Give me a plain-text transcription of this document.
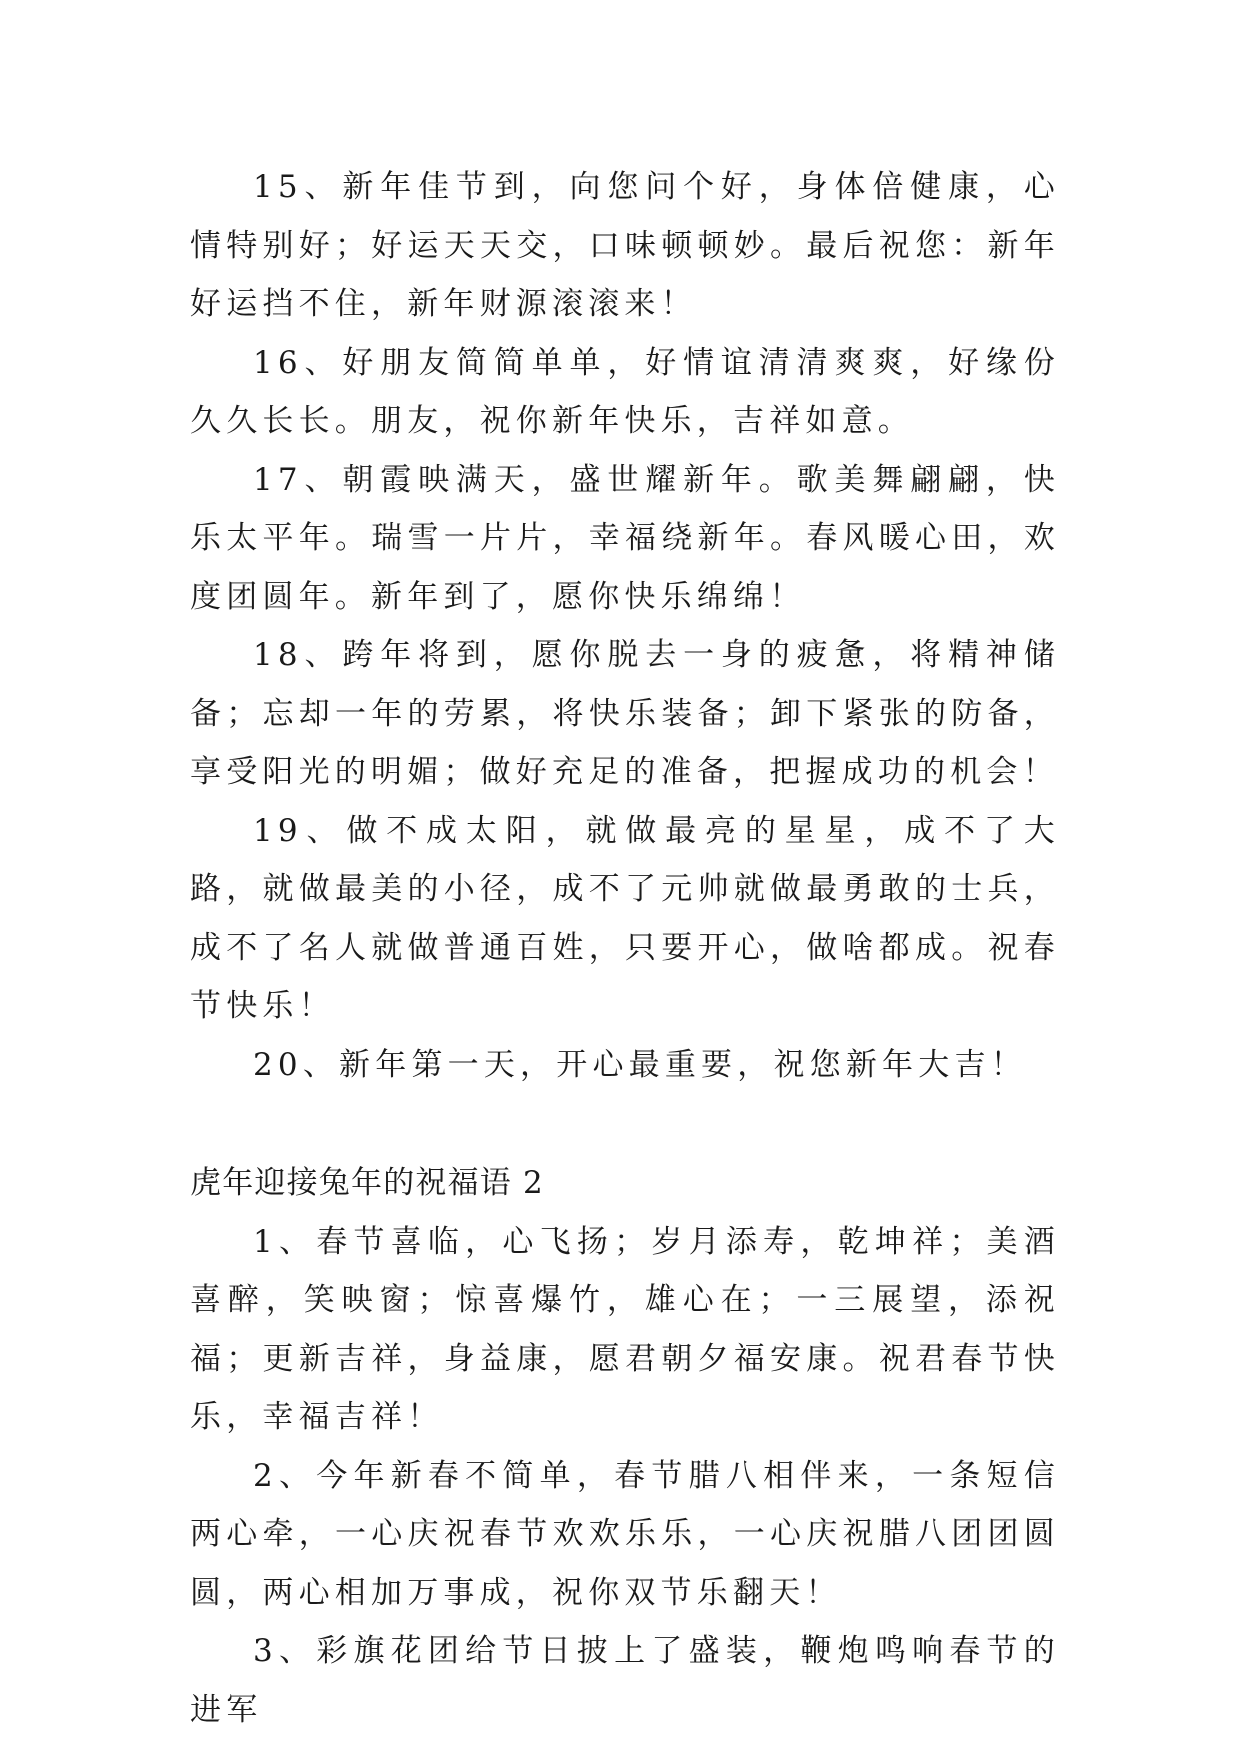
15、新年佳节到，向您问个好，身体倍健康，心情特别好；好运天天交，口味顿顿妙。最后祝您：新年好运挡不住，新年财源滚滚来！

16、好朋友简简单单，好情谊清清爽爽，好缘份久久长长。朋友，祝你新年快乐，吉祥如意。

17、朝霞映满天，盛世耀新年。歌美舞翩翩，快乐太平年。瑞雪一片片，幸福绕新年。春风暖心田，欢度团圆年。新年到了，愿你快乐绵绵！

18、跨年将到，愿你脱去一身的疲惫，将精神储备；忘却一年的劳累，将快乐装备；卸下紧张的防备，享受阳光的明媚；做好充足的准备，把握成功的机会！

19、做不成太阳，就做最亮的星星，成不了大路，就做最美的小径，成不了元帅就做最勇敢的士兵，成不了名人就做普通百姓，只要开心，做啥都成。祝春节快乐！

20、新年第一天，开心最重要，祝您新年大吉！

虎年迎接兔年的祝福语 2

1、春节喜临，心飞扬；岁月添寿，乾坤祥；美酒喜醉，笑映窗；惊喜爆竹，雄心在；一三展望，添祝福；更新吉祥，身益康，愿君朝夕福安康。祝君春节快乐，幸福吉祥！

2、今年新春不简单，春节腊八相伴来，一条短信两心牵，一心庆祝春节欢欢乐乐，一心庆祝腊八团团圆圆，两心相加万事成，祝你双节乐翻天！

3、彩旗花团给节日披上了盛装，鞭炮鸣响春节的进军
